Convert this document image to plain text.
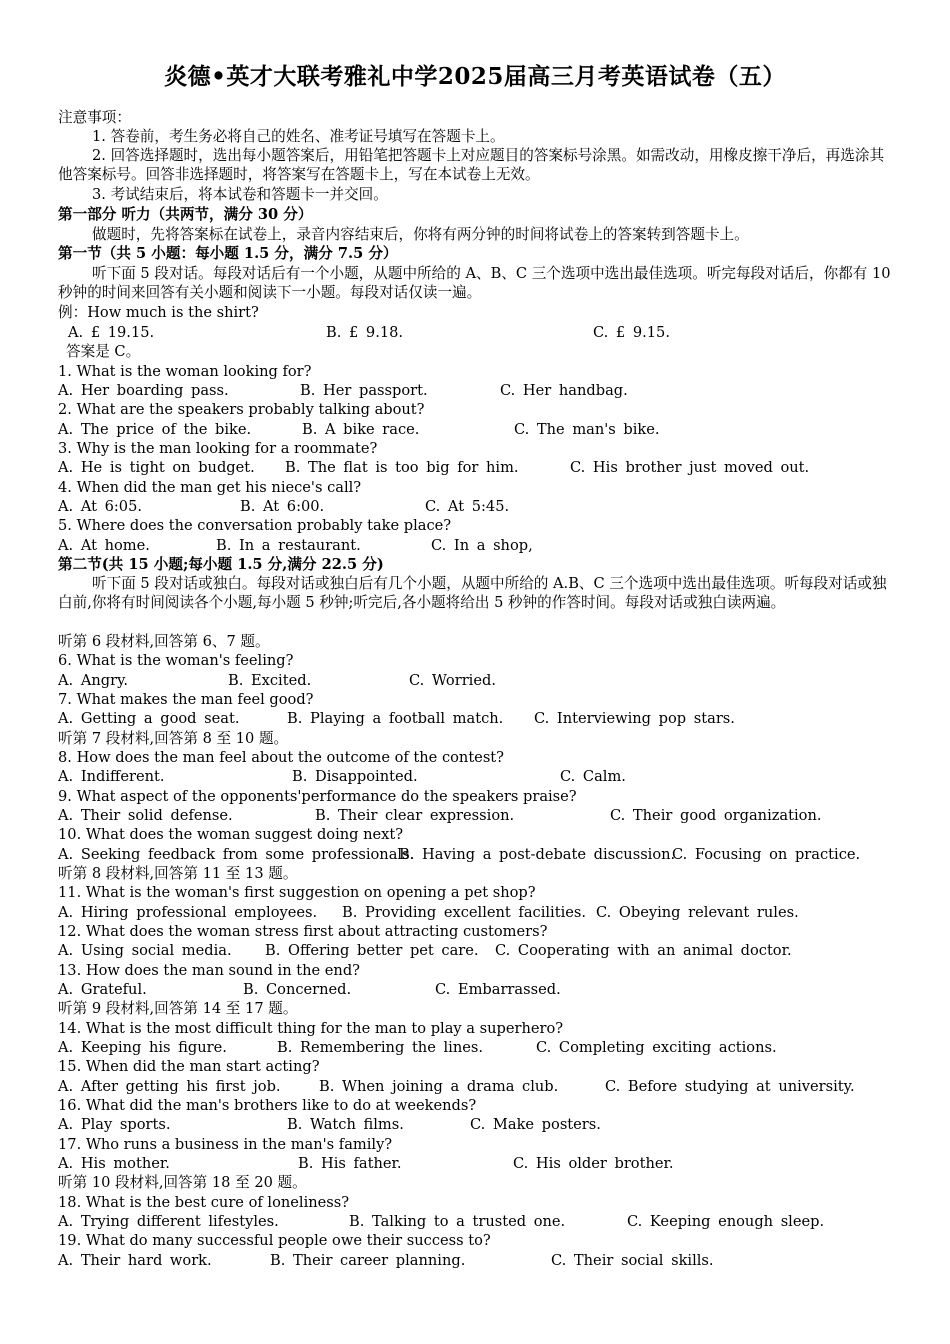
炎德•英才大联考雅礼中学2025届高三月考英语试卷（五）
注意事项：
1. 答卷前，考生务必将自己的姓名、准考证号填写在答题卡上。
2. 回答选择题时，选出每小题答案后，用铅笔把答题卡上对应题目的答案标号涂黑。如需改动，用橡皮擦干净后，再选涂其他答案标号。回答非选择题时，将答案写在答题卡上，写在本试卷上无效。
3. 考试结束后，将本试卷和答题卡一并交回。
第一部分 听力（共两节，满分 30 分）
做题时，先将答案标在试卷上，录音内容结束后，你将有两分钟的时间将试卷上的答案转到答题卡上。
第一节（共 5 小题：每小题 1.5 分，满分 7.5 分）
听下面 5 段对话。每段对话后有一个小题，从题中所给的 A、B、C 三个选项中选出最佳选项。听完每段对话后，你都有 10 秒钟的时间来回答有关小题和阅读下一小题。每段对话仅读一遍。
例：How much is the shirt?
A. £ 19.15.	B. £ 9.18.	C. £ 9.15.
答案是 C。
1. What is the woman looking for?
A. Her boarding pass.	B. Her passport.	C. Her handbag.
2. What are the speakers probably talking about?
A. The price of the bike.	B. A bike race.	C. The man's bike.
3. Why is the man looking for a roommate?
A. He is tight on budget. B. The flat is too big for him.	C. His brother just moved out.
4. When did the man get his niece's call?
A. At 6:05.	B. At 6:00.	C. At 5:45.
5. Where does the conversation probably take place?
A. At home.	B. In a restaurant.	C. In a shop,
第二节(共 15 小题;每小题 1.5 分,满分 22.5 分)
听下面 5 段对话或独白。每段对话或独白后有几个小题，从题中所给的 A.B、C 三个选项中选出最佳选项。听每段对话或独白前,你将有时间阅读各个小题,每小题 5 秒钟;听完后,各小题将给出 5 秒钟的作答时间。每段对话或独白读两遍。
听第 6 段材料,回答第 6、7 题。
6. What is the woman's feeling?
A. Angry.	B. Excited.	C. Worried.
7. What makes the man feel good?
A. Getting a good seat.	B. Playing a football match. C. Interviewing pop stars.
听第 7 段材料,回答第 8 至 10 题。
8. How does the man feel about the outcome of the contest?
A. Indifferent.	B. Disappointed.	C. Calm.
9. What aspect of the opponents'performance do the speakers praise?
A. Their solid defense.	B. Their clear expression.	C. Their good organization.
10. What does the woman suggest doing next?
A. Seeking feedback from some professionals.
B. Having a post-debate discussion.
C. Focusing on practice.
听第 8 段材料,回答第 11 至 13 题。
11. What is the woman's first suggestion on opening a pet shop?
A. Hiring professional employees. B. Providing excellent facilities. C. Obeying relevant rules.
12. What does the woman stress first about attracting customers?
A. Using social media. B. Offering better pet care. C. Cooperating with an animal doctor.
13. How does the man sound in the end?
A. Grateful.	B. Concerned.	C. Embarrassed.
听第 9 段材料,回答第 14 至 17 题。
14. What is the most difficult thing for the man to play a superhero?
A. Keeping his figure.	B. Remembering the lines.	C. Completing exciting actions.
15. When did the man start acting?
A. After getting his first job.	B. When joining a drama club.	C. Before studying at university.
16. What did the man's brothers like to do at weekends?
A. Play sports.	B. Watch films.	C. Make posters.
17. Who runs a business in the man's family?
A. His mother.	B. His father.	C. His older brother.
听第 10 段材料,回答第 18 至 20 题。
18. What is the best cure of loneliness?
A. Trying different lifestyles.	B. Talking to a trusted one.	C. Keeping enough sleep.
19. What do many successful people owe their success to?
A. Their hard work.	B. Their career planning.	C. Their social skills.
